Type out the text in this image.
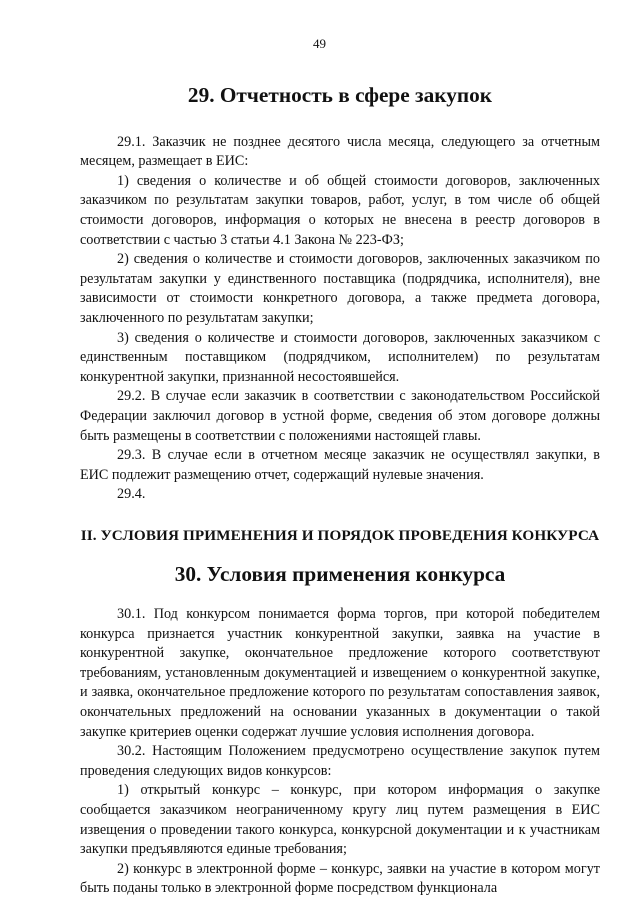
49
29. Отчетность в сфере закупок

29.1. Заказчик не позднее десятого числа месяца, следующего за отчетным месяцем, размещает в ЕИС:

1) сведения о количестве и об общей стоимости договоров, заключенных заказчиком по результатам закупки товаров, работ, услуг, в том числе об общей стоимости договоров, информация о которых не внесена в реестр договоров в соответствии с частью 3 статьи 4.1 Закона № 223-ФЗ;

2) сведения о количестве и стоимости договоров, заключенных заказчиком по результатам закупки у единственного поставщика (подрядчика, исполнителя), вне зависимости от стоимости конкретного договора, а также предмета договора, заключенного по результатам закупки;

3) сведения о количестве и стоимости договоров, заключенных заказчиком с единственным поставщиком (подрядчиком, исполнителем) по результатам конкурентной закупки, признанной несостоявшейся.

29.2. В случае если заказчик в соответствии с законодательством Российской Федерации заключил договор в устной форме, сведения об этом договоре должны быть размещены в соответствии с положениями настоящей главы.

29.3. В случае если в отчетном месяце заказчик не осуществлял закупки, в ЕИС подлежит размещению отчет, содержащий нулевые значения.

29.4.

II. УСЛОВИЯ ПРИМЕНЕНИЯ И ПОРЯДОК ПРОВЕДЕНИЯ КОНКУРСА
30. Условия применения конкурса

30.1. Под конкурсом понимается форма торгов, при которой победителем конкурса признается участник конкурентной закупки, заявка на участие в конкурентной закупке, окончательное предложение которого соответствуют требованиям, установленным документацией и извещением о конкурентной закупке, и заявка, окончательное предложение которого по результатам сопоставления заявок, окончательных предложений на основании указанных в документации о такой закупке критериев оценки содержат лучшие условия исполнения договора.

30.2. Настоящим Положением предусмотрено осуществление закупок путем проведения следующих видов конкурсов:

1) открытый конкурс – конкурс, при котором информация о закупке сообщается заказчиком неограниченному кругу лиц путем размещения в ЕИС извещения о проведении такого конкурса, конкурсной документации и к участникам закупки предъявляются единые требования;

2) конкурс в электронной форме – конкурс, заявки на участие в котором могут быть поданы только в электронной форме посредством функционала
